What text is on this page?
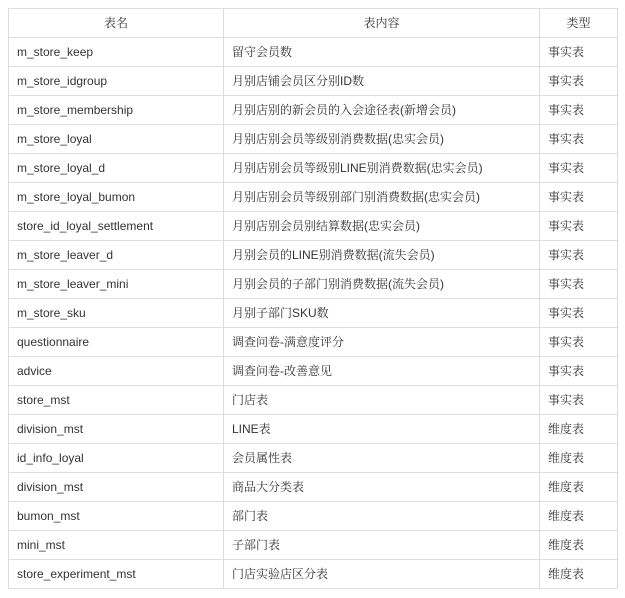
表名	表内容	类型
m_store_keep	留守会员数	事实表
m_store_idgroup	月别店铺会员区分别ID数	事实表
m_store_membership	月别店别的新会员的入会途径表(新增会员)	事实表
m_store_loyal	月别店别会员等级别消费数据(忠实会员)	事实表
m_store_loyal_d	月别店别会员等级别LINE别消费数据(忠实会员)	事实表
m_store_loyal_bumon	月别店别会员等级别部门别消费数据(忠实会员)	事实表
store_id_loyal_settlement	月别店别会员别结算数据(忠实会员)	事实表
m_store_leaver_d	月别会员的LINE别消费数据(流失会员)	事实表
m_store_leaver_mini	月别会员的子部门别消费数据(流失会员)	事实表
m_store_sku	月别子部门SKU数	事实表
questionnaire	调查问卷-满意度评分	事实表
advice	调查问卷-改善意见	事实表
store_mst	门店表	事实表
division_mst	LINE表	维度表
id_info_loyal	会员属性表	维度表
division_mst	商品大分类表	维度表
bumon_mst	部门表	维度表
mini_mst	子部门表	维度表
store_experiment_mst	门店实验店区分表	维度表
